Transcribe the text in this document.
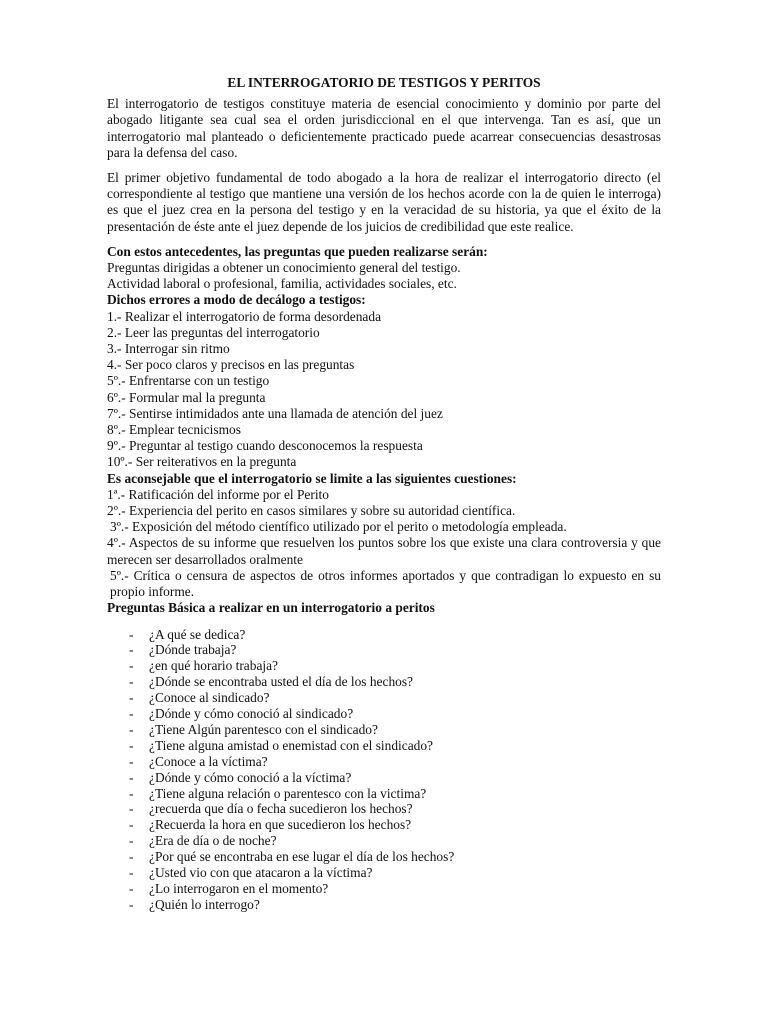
EL INTERROGATORIO DE TESTIGOS Y PERITOS

El interrogatorio de testigos constituye materia de esencial conocimiento y dominio por parte del abogado litigante sea cual sea el orden jurisdiccional en el que intervenga. Tan es así, que un interrogatorio mal planteado o deficientemente practicado puede acarrear consecuencias desastrosas para la defensa del caso.

El primer objetivo fundamental de todo abogado a la hora de realizar el interrogatorio directo (el correspondiente al testigo que mantiene una versión de los hechos acorde con la de quien le interroga) es que el juez crea en la persona del testigo y en la veracidad de su historia, ya que el éxito de la presentación de éste ante el juez depende de los juicios de credibilidad que este realice.

Con estos antecedentes, las preguntas que pueden realizarse serán:

Preguntas dirigidas a obtener un conocimiento general del testigo.

Actividad laboral o profesional, familia, actividades sociales, etc.

Dichos errores a modo de decálogo a testigos:

1.- Realizar el interrogatorio de forma desordenada

2.- Leer las preguntas del interrogatorio

3.- Interrogar sin ritmo

4.- Ser poco claros y precisos en las preguntas

5º.- Enfrentarse con un testigo

6º.- Formular mal la pregunta

7º.- Sentirse intimidados ante una llamada de atención del juez

8º.- Emplear tecnicismos

9º.- Preguntar al testigo cuando desconocemos la respuesta

10º.- Ser reiterativos en la pregunta

Es aconsejable que el interrogatorio se limite a las siguientes cuestiones:

1ª.- Ratificación del informe por el Perito

2º.- Experiencia del perito en casos similares y sobre su autoridad científica.

3º.- Exposición del método científico utilizado por el perito o metodología empleada.

4º.- Aspectos de su informe que resuelven los puntos sobre los que existe una clara controversia y que merecen ser desarrollados oralmente

5º.- Crítica o censura de aspectos de otros informes aportados y que contradigan lo expuesto en su propio informe.

Preguntas Básica a realizar en un interrogatorio a peritos

-	¿A qué se dedica?
-	¿Dónde trabaja?
-	¿en qué horario trabaja?
-	¿Dónde se encontraba usted el día de los hechos?
-	¿Conoce al sindicado?
-	¿Dónde y cómo conoció al sindicado?
-	¿Tiene Algún parentesco con el sindicado?
-	¿Tiene alguna amistad o enemistad con el sindicado?
-	¿Conoce a la víctima?
-	¿Dónde y cómo conoció a la víctima?
-	¿Tiene alguna relación o parentesco con la victima?
-	¿recuerda que día o fecha sucedieron los hechos?
-	¿Recuerda la hora en que sucedieron los hechos?
-	¿Era de día o de noche?
-	¿Por qué se encontraba en ese lugar el día de los hechos?
-	¿Usted vio con que atacaron a la víctima?
-	¿Lo interrogaron en el momento?
-	¿Quién lo interrogo?
